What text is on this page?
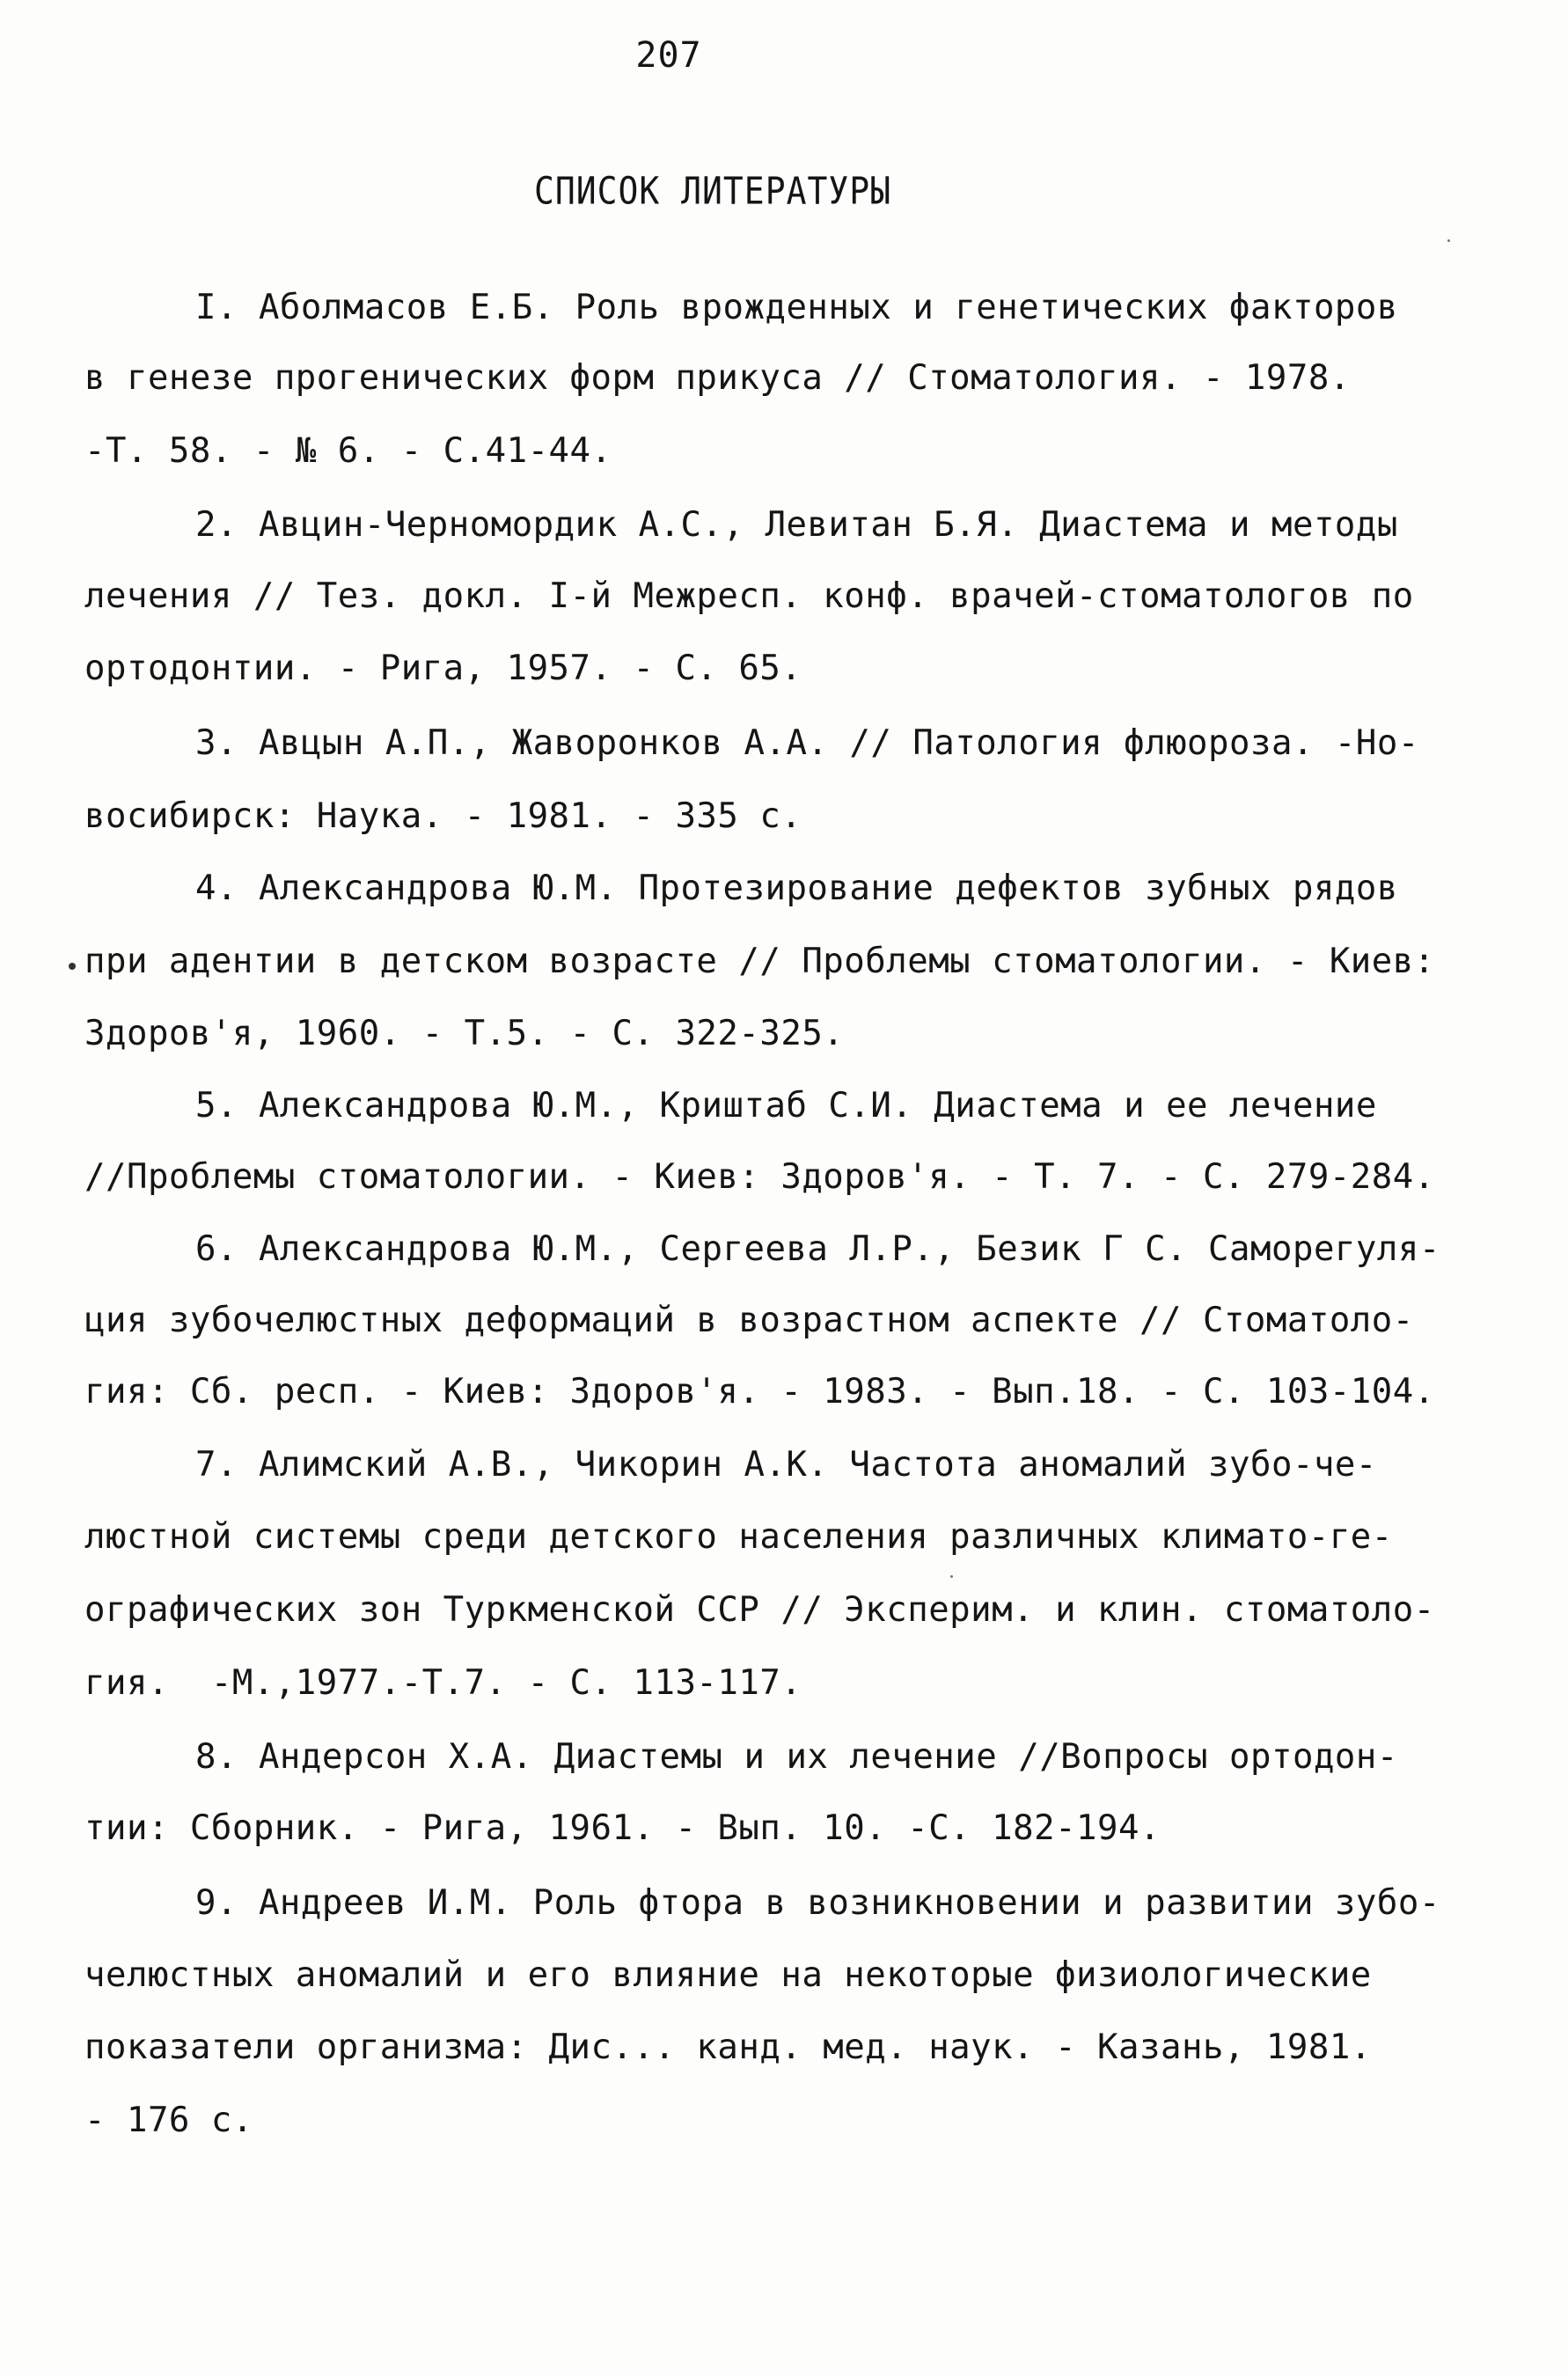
207
СПИСОК ЛИТЕРАТУРЫ
I. Аболмасов Е.Б. Роль врожденных и генетических факторов
в генезе прогенических форм прикуса // Стоматология. - 1978.
-Т. 58. - № 6. - С.41-44.
2. Авцин-Черномордик А.С., Левитан Б.Я. Диастема и методы
лечения // Тез. докл. I-й Межресп. конф. врачей-стоматологов по
ортодонтии. - Рига, 1957. - С. 65.
3. Авцын А.П., Жаворонков А.А. // Патология флюороза. -Но-
восибирск: Наука. - 1981. - 335 с.
4. Александрова Ю.М. Протезирование дефектов зубных рядов
при адентии в детском возрасте // Проблемы стоматологии. - Киев:
Здоров'я, 1960. - Т.5. - С. 322-325.
5. Александрова Ю.М., Криштаб С.И. Диастема и ее лечение
//Проблемы стоматологии. - Киев: Здоров'я. - Т. 7. - С. 279-284.
6. Александрова Ю.М., Сергеева Л.Р., Безик Г С. Саморегуля-
ция зубочелюстных деформаций в возрастном аспекте // Стоматоло-
гия: Сб. респ. - Киев: Здоров'я. - 1983. - Вып.18. - С. 103-104.
7. Алимский А.В., Чикорин А.К. Частота аномалий зубо-че-
люстной системы среди детского населения различных климато-ге-
ографических зон Туркменской ССР // Эксперим. и клин. стоматоло-
гия.  -М.,1977.-Т.7. - С. 113-117.
8. Андерсон Х.А. Диастемы и их лечение //Вопросы ортодон-
тии: Сборник. - Рига, 1961. - Вып. 10. -С. 182-194.
9. Андреев И.М. Роль фтора в возникновении и развитии зубо-
челюстных аномалий и его влияние на некоторые физиологические
показатели организма: Дис... канд. мед. наук. - Казань, 1981.
- 176 с.
